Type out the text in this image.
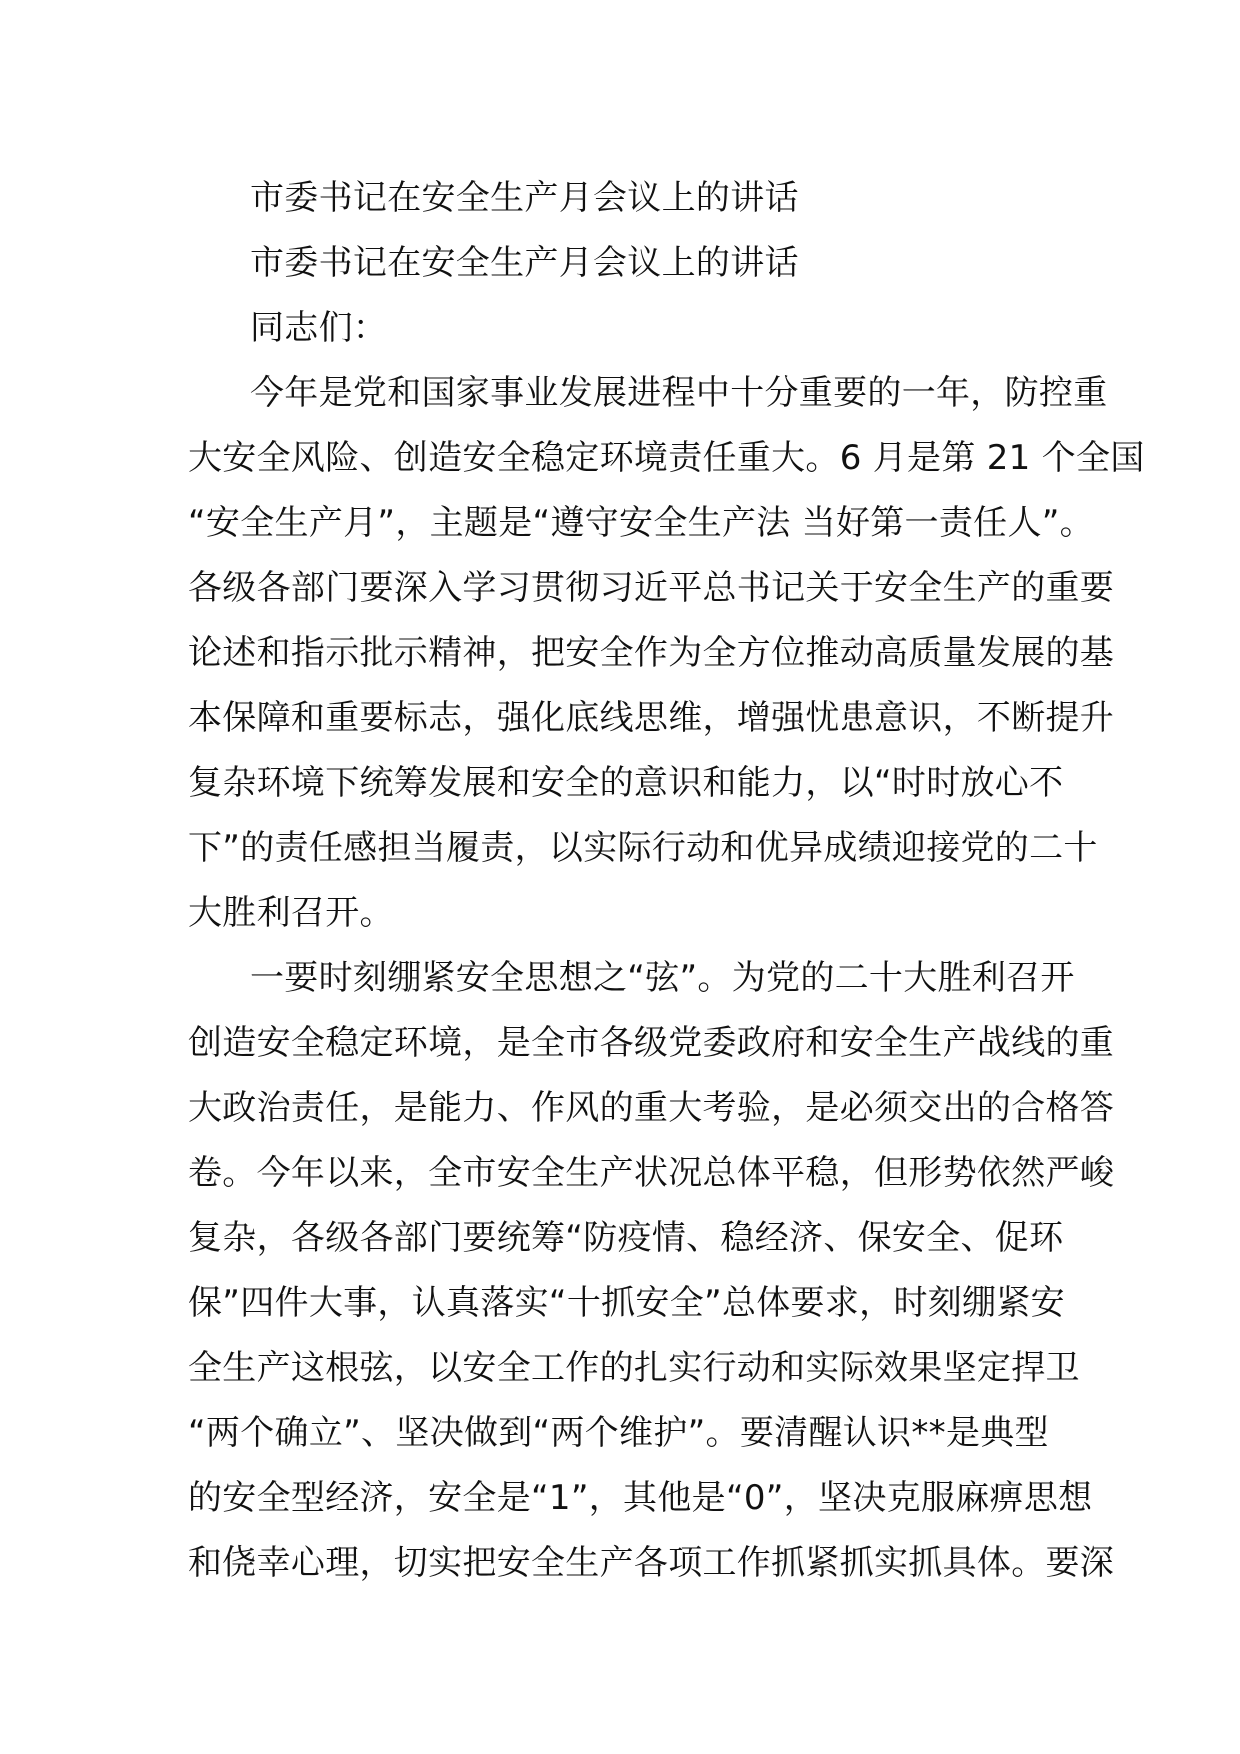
市委书记在安全生产月会议上的讲话
市委书记在安全生产月会议上的讲话
同志们：
今年是党和国家事业发展进程中十分重要的一年，防控重
大安全风险、创造安全稳定环境责任重大。6 月是第 21 个全国
“安全生产月”，主题是“遵守安全生产法 当好第一责任人”。
各级各部门要深入学习贯彻习近平总书记关于安全生产的重要
论述和指示批示精神，把安全作为全方位推动高质量发展的基
本保障和重要标志，强化底线思维，增强忧患意识，不断提升
复杂环境下统筹发展和安全的意识和能力，以“时时放心不
下”的责任感担当履责，以实际行动和优异成绩迎接党的二十
大胜利召开。
一要时刻绷紧安全思想之“弦”。为党的二十大胜利召开
创造安全稳定环境，是全市各级党委政府和安全生产战线的重
大政治责任，是能力、作风的重大考验，是必须交出的合格答
卷。今年以来，全市安全生产状况总体平稳，但形势依然严峻
复杂，各级各部门要统筹“防疫情、稳经济、保安全、促环
保”四件大事，认真落实“十抓安全”总体要求，时刻绷紧安
全生产这根弦，以安全工作的扎实行动和实际效果坚定捍卫
“两个确立”、坚决做到“两个维护”。要清醒认识**是典型
的安全型经济，安全是“1”，其他是“0”，坚决克服麻痹思想
和侥幸心理，切实把安全生产各项工作抓紧抓实抓具体。要深
